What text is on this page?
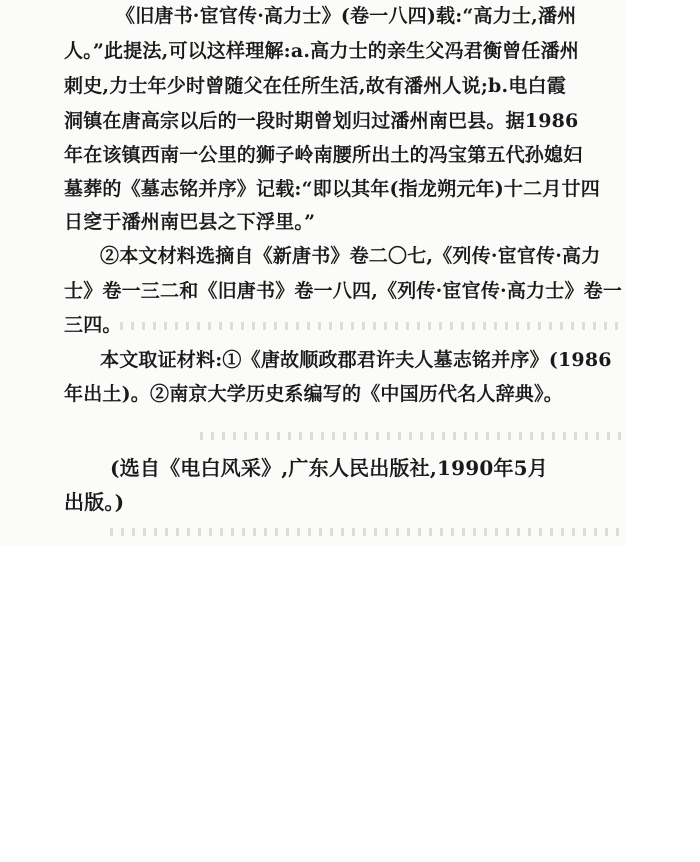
《旧唐书·宦官传·高力士》(卷一八四)载:“高力士,潘州
人。”此提法,可以这样理解:a.高力士的亲生父冯君衡曾任潘州
刺史,力士年少时曾随父在任所生活,故有潘州人说;b.电白霞
洞镇在唐高宗以后的一段时期曾划归过潘州南巴县。据1986
年在该镇西南一公里的狮子岭南腰所出土的冯宝第五代孙媳妇
墓葬的《墓志铭并序》记载:“即以其年(指龙朔元年)十二月廿四
日窆于潘州南巴县之下浮里。”
②本文材料选摘自《新唐书》卷二〇七,《列传·宦官传·高力
士》卷一三二和《旧唐书》卷一八四,《列传·宦官传·高力士》卷一
三四。
本文取证材料:①《唐故顺政郡君许夫人墓志铭并序》(1986
年出土)。②南京大学历史系编写的《中国历代名人辞典》。
(选自《电白风采》,广东人民出版社,1990年5月
出版。)
